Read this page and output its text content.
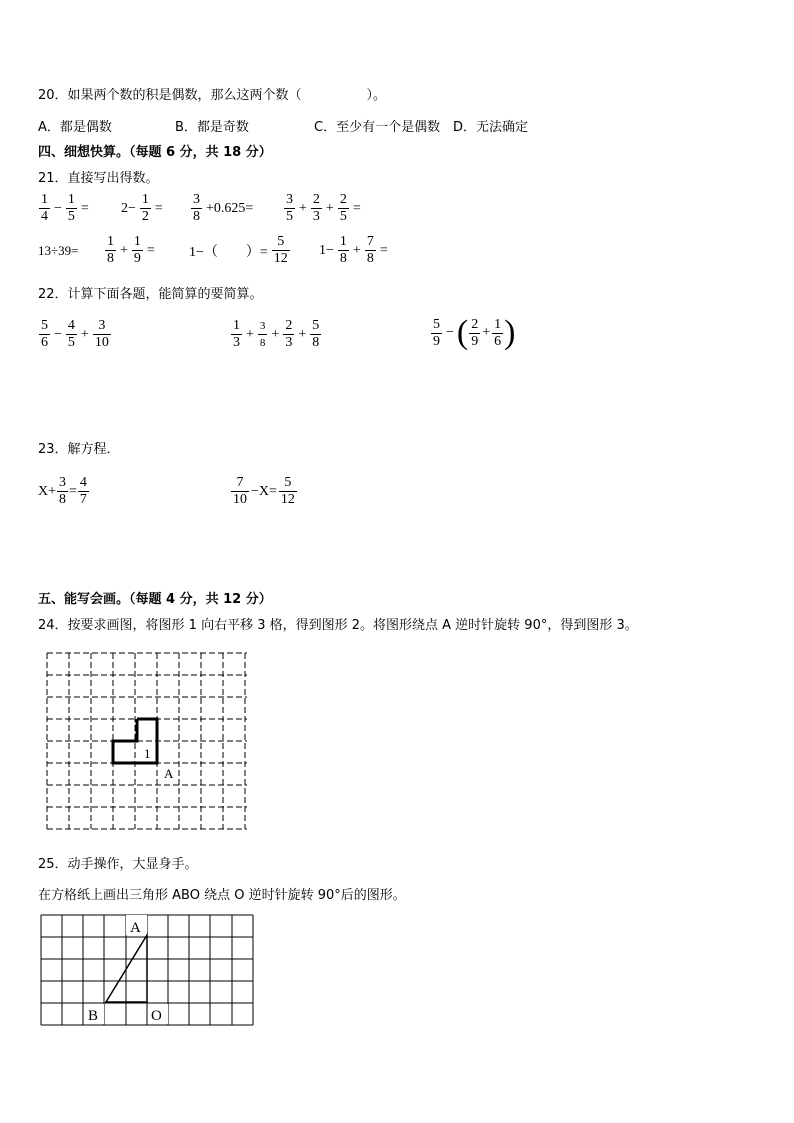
20．如果两个数的积是偶数，那么这两个数（　　　　　）。
A．都是偶数	B．都是奇数	C．至少有一个是偶数 D．无法确定
四、细想快算。（每题 6 分，共 18 分）
21．直接写出得数。
$\frac{1}{4} - \frac{1}{5} = 2- \frac{1}{2} = \frac{3}{8} +0.625= \frac{3}{5} + \frac{2}{3} + \frac{2}{5}$ =
$13\div 39= \frac{1}{8} + \frac{1}{9} = 1-$（　　）= $\frac{5}{12} 1- \frac{1}{8} + \frac{7}{8}$ =
22．计算下面各题，能简算的要简算。
$\frac{5}{6} - \frac{4}{5} + \frac{3}{10}$	$\frac{1}{3} + \frac{3}{8} + \frac{2}{3} + \frac{5}{8}$	$\frac{5}{9}$ −( $\frac{2}{9} + \frac{1}{6}$ )
23．解方程．
$X+ \frac{3}{8} = \frac{4}{7}$	$\frac{7}{10} -X= \frac{5}{12}$
五、能写会画。（每题 4 分，共 12 分）
24．按要求画图，将图形 1 向右平移 3 格，得到图形 2。将图形绕点 A 逆时针旋转 90°，得到图形 3。
1
A
25．动手操作，大显身手。
在方格纸上画出三角形 ABO 绕点 O 逆时针旋转 90°后的图形。
A
B	O
